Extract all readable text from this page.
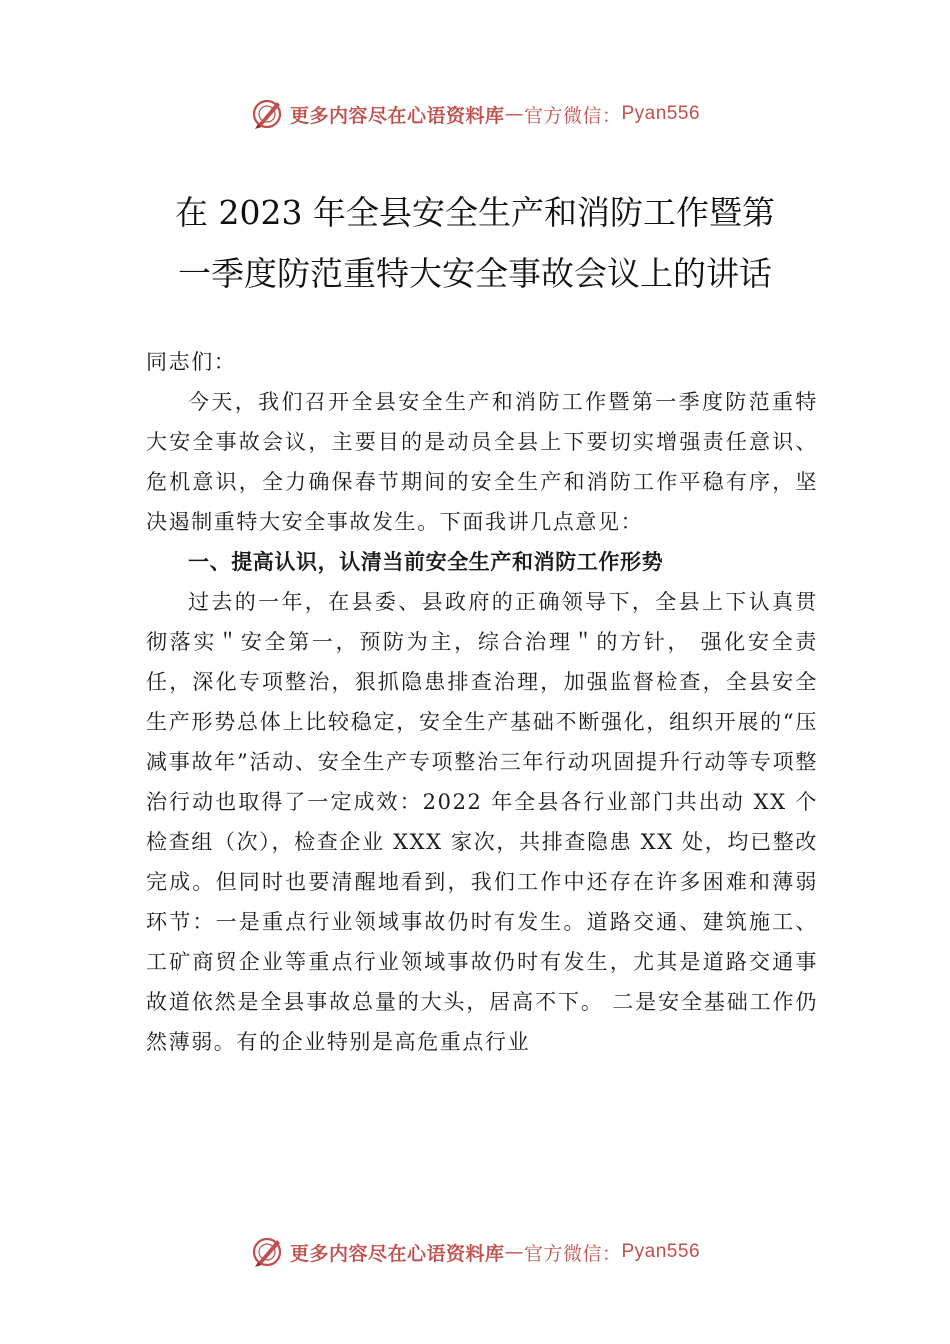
更多内容尽在心语资料库 — 官方微信： Pyan556
在 2023 年全县安全生产和消防工作暨第
一季度防范重特大安全事故会议上的讲话

同志们：

今天，我们召开全县安全生产和消防工作暨第一季度防范重特大安全事故会议，主要目的是动员全县上下要切实增强责任意识、危机意识，全力确保春节期间的安全生产和消防工作平稳有序，坚决遏制重特大安全事故发生。下面我讲几点意见：

一、提高认识，认清当前安全生产和消防工作形势

过去的一年，在县委、县政府的正确领导下，全县上下认真贯彻落实＂安全第一，预防为主，综合治理＂的方针， 强化安全责任，深化专项整治，狠抓隐患排查治理，加强监督检查，全县安全生产形势总体上比较稳定，安全生产基础不断强化，组织开展的“压减事故年”活动、安全生产专项整治三年行动巩固提升行动等专项整治行动也取得了一定成效：2022 年全县各行业部门共出动 XX 个检查组（次），检查企业 XXX 家次，共排查隐患 XX 处，均已整改完成。但同时也要清醒地看到，我们工作中还存在许多困难和薄弱环节：一是重点行业领域事故仍时有发生。道路交通、建筑施工、工矿商贸企业等重点行业领域事故仍时有发生，尤其是道路交通事故道依然是全县事故总量的大头，居高不下。 二是安全基础工作仍然薄弱。有的企业特别是高危重点行业

更多内容尽在心语资料库 — 官方微信： Pyan556
